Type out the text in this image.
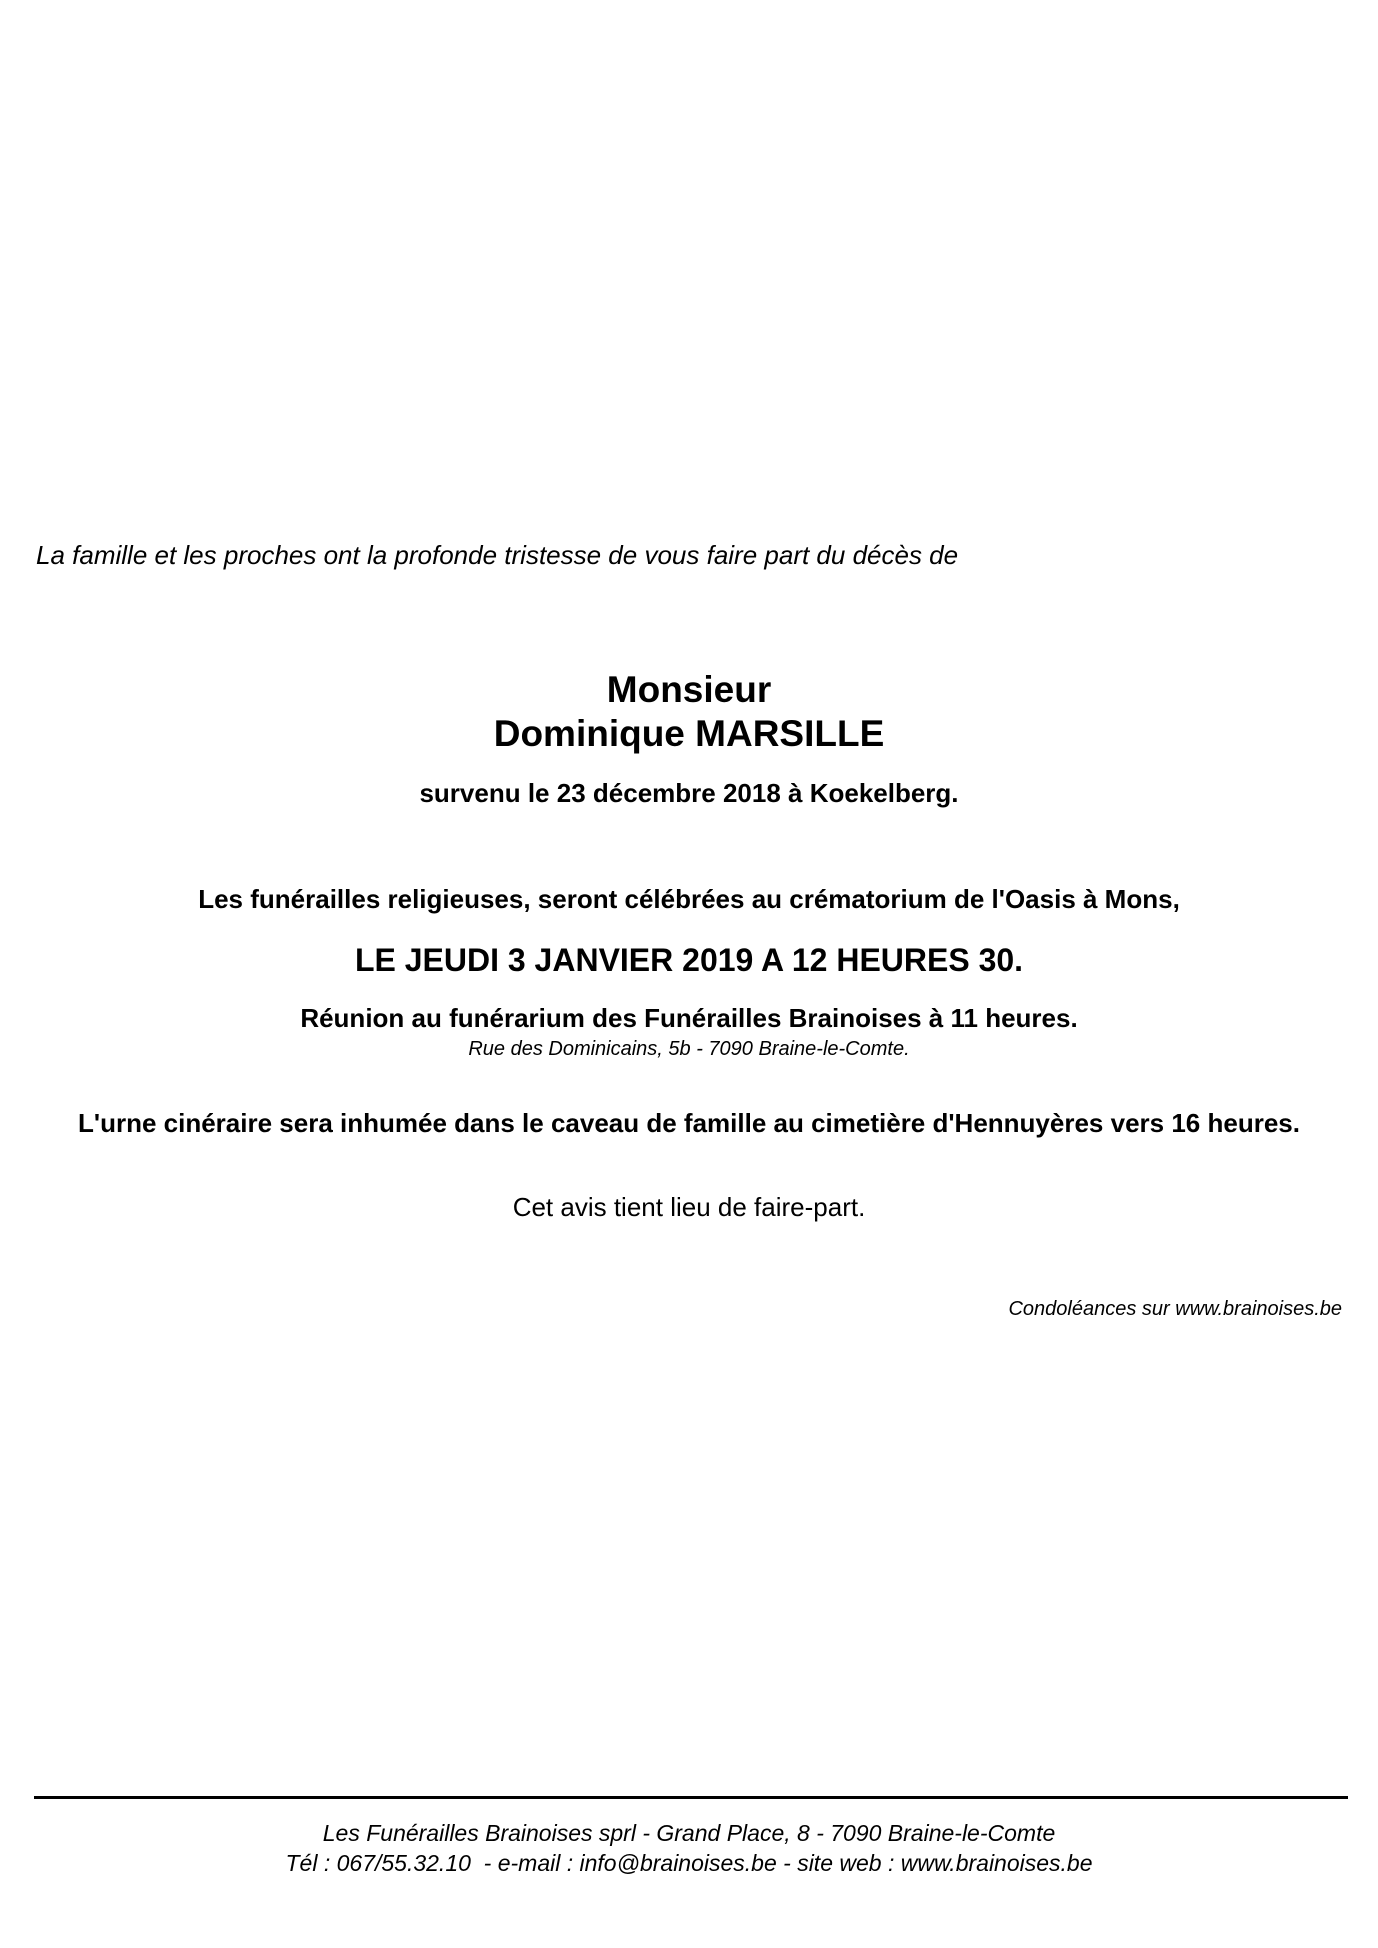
La famille et les proches ont la profonde tristesse de vous faire part du décès de
Monsieur
Dominique MARSILLE
survenu le 23 décembre 2018 à Koekelberg.
Les funérailles religieuses, seront célébrées au crématorium de l'Oasis à Mons,
LE JEUDI 3 JANVIER 2019 A 12 HEURES 30.
Réunion au funérarium des Funérailles Brainoises à 11 heures.
Rue des Dominicains, 5b - 7090 Braine-le-Comte.
L'urne cinéraire sera inhumée dans le caveau de famille au cimetière d'Hennuyères vers 16 heures.
Cet avis tient lieu de faire-part.
Condoléances sur www.brainoises.be
Les Funérailles Brainoises sprl - Grand Place, 8 - 7090 Braine-le-Comte
Tél : 067/55.32.10  - e-mail : info@brainoises.be - site web : www.brainoises.be
